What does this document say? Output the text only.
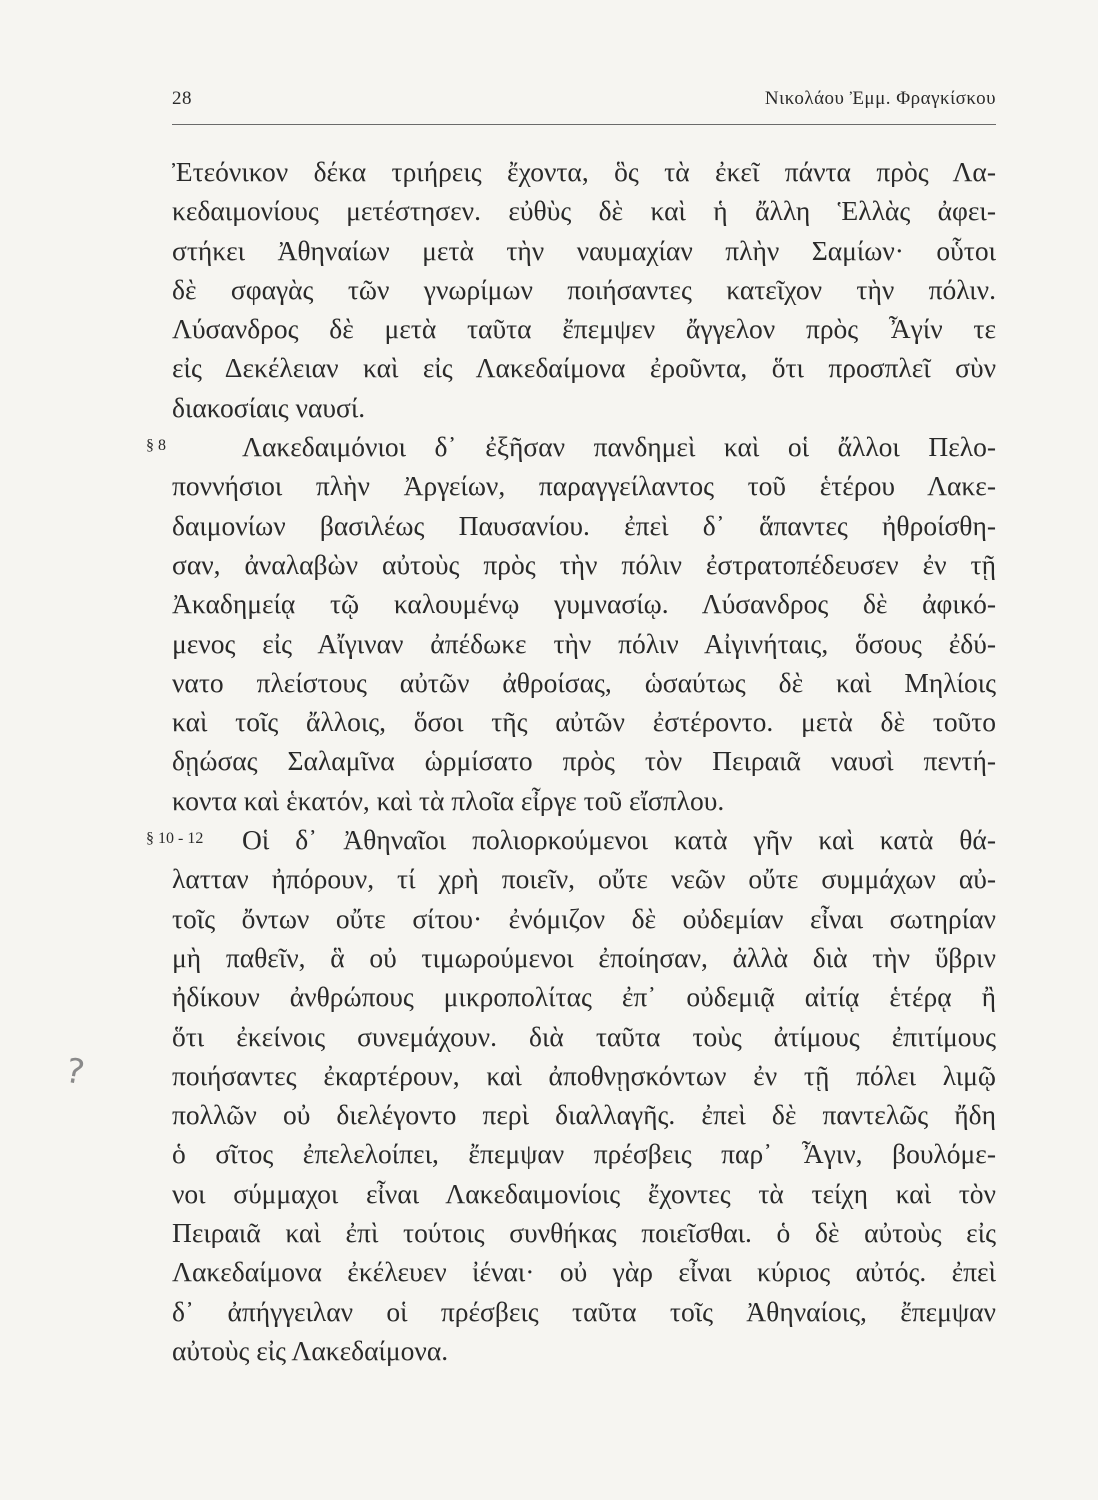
28	Νικολάου Ἐμμ. Φραγκίσκου
§ 8
§ 10 - 12
?
Ἐτεόνικον δέκα τριήρεις ἔχοντα, ὃς τὰ ἐκεῖ πάντα πρὸς Λα-
κεδαιμονίους μετέστησεν. εὐθὺς δὲ καὶ ἡ ἄλλη Ἑλλὰς ἀφει-
στήκει Ἀθηναίων μετὰ τὴν ναυμαχίαν πλὴν Σαμίων· οὗτοι
δὲ σφαγὰς τῶν γνωρίμων ποιήσαντες κατεῖχον τὴν πόλιν.
Λύσανδρος δὲ μετὰ ταῦτα ἔπεμψεν ἄγγελον πρὸς Ἆγίν τε
εἰς Δεκέλειαν καὶ εἰς Λακεδαίμονα ἐροῦντα, ὅτι προσπλεῖ σὺν
διακοσίαις ναυσί.
Λακεδαιμόνιοι δ᾽ ἐξῆσαν πανδημεὶ καὶ οἱ ἄλλοι Πελο-
ποννήσιοι πλὴν Ἀργείων, παραγγείλαντος τοῦ ἑτέρου Λακε-
δαιμονίων βασιλέως Παυσανίου. ἐπεὶ δ᾽ ἅπαντες ἠθροίσθη-
σαν, ἀναλαβὼν αὐτοὺς πρὸς τὴν πόλιν ἐστρατοπέδευσεν ἐν τῇ
Ἀκαδημείᾳ τῷ καλουμένῳ γυμνασίῳ. Λύσανδρος δὲ ἀφικό-
μενος εἰς Αἴγιναν ἀπέδωκε τὴν πόλιν Αἰγινήταις, ὅσους ἐδύ-
νατο πλείστους αὐτῶν ἀθροίσας, ὡσαύτως δὲ καὶ Μηλίοις
καὶ τοῖς ἄλλοις, ὅσοι τῆς αὐτῶν ἐστέροντο. μετὰ δὲ τοῦτο
δῃώσας Σαλαμῖνα ὡρμίσατο πρὸς τὸν Πειραιᾶ ναυσὶ πεντή-
κοντα καὶ ἑκατόν, καὶ τὰ πλοῖα εἶργε τοῦ εἴσπλου.
Οἱ δ᾽ Ἀθηναῖοι πολιορκούμενοι κατὰ γῆν καὶ κατὰ θά-
λατταν ἠπόρουν, τί χρὴ ποιεῖν, οὔτε νεῶν οὔτε συμμάχων αὐ-
τοῖς ὄντων οὔτε σίτου· ἐνόμιζον δὲ οὐδεμίαν εἶναι σωτηρίαν
μὴ παθεῖν, ἃ οὐ τιμωρούμενοι ἐποίησαν, ἀλλὰ διὰ τὴν ὕβριν
ἠδίκουν ἀνθρώπους μικροπολίτας ἐπ᾽ οὐδεμιᾷ αἰτίᾳ ἑτέρᾳ ἢ
ὅτι ἐκείνοις συνεμάχουν. διὰ ταῦτα τοὺς ἀτίμους ἐπιτίμους
ποιήσαντες ἐκαρτέρουν, καὶ ἀποθνῃσκόντων ἐν τῇ πόλει λιμῷ
πολλῶν οὐ διελέγοντο περὶ διαλλαγῆς. ἐπεὶ δὲ παντελῶς ἤδη
ὁ σῖτος ἐπελελοίπει, ἔπεμψαν πρέσβεις παρ᾽ Ἆγιν, βουλόμε-
νοι σύμμαχοι εἶναι Λακεδαιμονίοις ἔχοντες τὰ τείχη καὶ τὸν
Πειραιᾶ καὶ ἐπὶ τούτοις συνθήκας ποιεῖσθαι. ὁ δὲ αὐτοὺς εἰς
Λακεδαίμονα ἐκέλευεν ἰέναι· οὐ γὰρ εἶναι κύριος αὐτός. ἐπεὶ
δ᾽ ἀπήγγειλαν οἱ πρέσβεις ταῦτα τοῖς Ἀθηναίοις, ἔπεμψαν
αὐτοὺς εἰς Λακεδαίμονα.
